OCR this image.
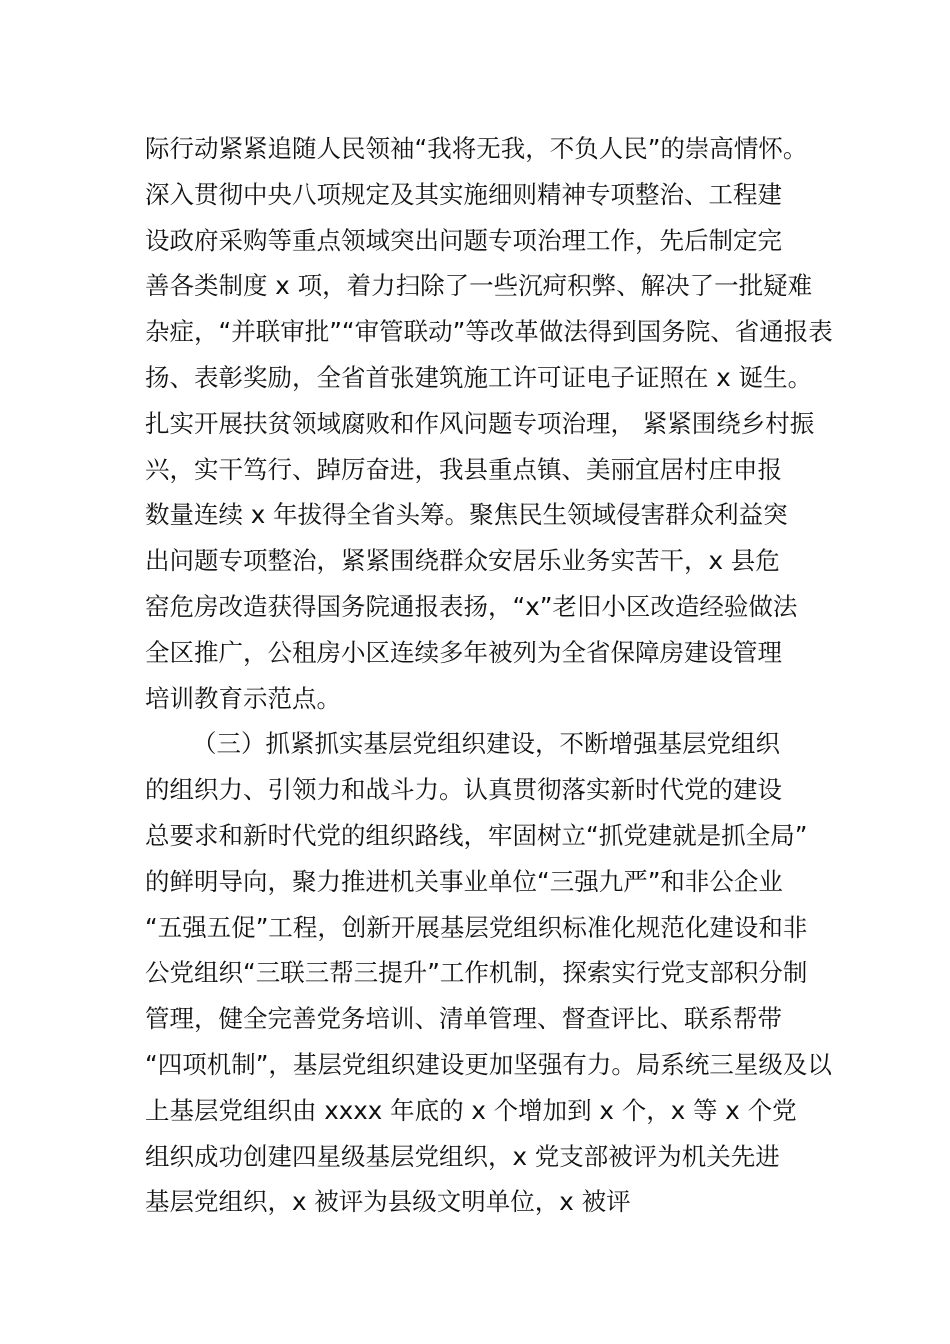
际行动紧紧追随人民领袖“我将无我，不负人民”的崇高情怀。
深入贯彻中央八项规定及其实施细则精神专项整治、工程建
设政府采购等重点领域突出问题专项治理工作，先后制定完
善各类制度 x 项，着力扫除了一些沉疴积弊、解决了一批疑难
杂症，“并联审批”“审管联动”等改革做法得到国务院、省通报表
扬、表彰奖励，全省首张建筑施工许可证电子证照在 x 诞生。
扎实开展扶贫领域腐败和作风问题专项治理， 紧紧围绕乡村振
兴，实干笃行、踔厉奋进，我县重点镇、美丽宜居村庄申报
数量连续 x 年拔得全省头筹。聚焦民生领域侵害群众利益突
出问题专项整治，紧紧围绕群众安居乐业务实苦干，x 县危
窑危房改造获得国务院通报表扬，“x”老旧小区改造经验做法
全区推广，公租房小区连续多年被列为全省保障房建设管理
培训教育示范点。
（三）抓紧抓实基层党组织建设，不断增强基层党组织
的组织力、引领力和战斗力。认真贯彻落实新时代党的建设
总要求和新时代党的组织路线，牢固树立“抓党建就是抓全局”
的鲜明导向，聚力推进机关事业单位“三强九严”和非公企业
“五强五促”工程，创新开展基层党组织标准化规范化建设和非
公党组织“三联三帮三提升”工作机制，探索实行党支部积分制
管理，健全完善党务培训、清单管理、督查评比、联系帮带
“四项机制”，基层党组织建设更加坚强有力。局系统三星级及以
上基层党组织由 xxxx 年底的 x 个增加到 x 个，x 等 x 个党
组织成功创建四星级基层党组织，x 党支部被评为机关先进
基层党组织，x 被评为县级文明单位，x 被评
